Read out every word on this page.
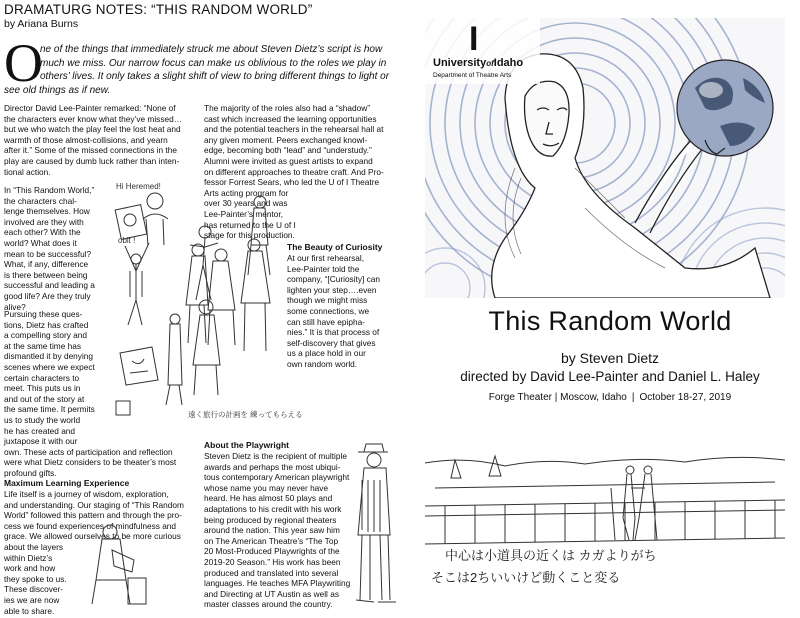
DRAMATURG NOTES: “THIS RANDOM WORLD”
by Ariana Burns
O
ne of the things that immediately struck me about Steven Dietz’s script is how
much we miss. Our narrow focus can make us oblivious to the roles we play in
others’ lives. It only takes a slight shift of view to bring different things to light or
see old things as if new.
Director David Lee-Painter remarked: “None of
the characters ever know what they’ve missed…
but we who watch the play feel the lost heat and
warmth of those almost-collisions, and yearn
after it.” Some of the missed connections in the
play are caused by dumb luck rather than inten-
tional action.
In “This Random World,”
the characters chal-
lenge themselves. How
involved are they with
each other? With the
world? What does it
mean to be successful?
What, if any, difference
is there between being
successful and leading a
good life? Are they truly
alive?
Pursuing these ques-
tions, Dietz has crafted
a compelling story and
at the same time has
dismantled it by denying
scenes where we expect
certain characters to
meet. This puts us in
and out of the story at
the same time. It permits
us to study the world
he has created and
juxtapose it with our
own. These acts of participation and reflection
were what Dietz considers to be theater’s most
profound gifts.
Maximum Learning Experience
Life itself is a journey of wisdom, exploration,
and understanding. Our staging of “This Random
World” followed this pattern and through the pro-
cess we found experiences of mindfulness and
grace. We allowed ourselves to be more curious
about the layers
within Dietz’s
work and how
they spoke to us.
These discover-
ies we are now
able to share.
The majority of the roles also had a “shadow”
cast which increased the learning opportunities
and the potential teachers in the rehearsal hall at
any given moment. Peers exchanged knowl-
edge, becoming both “lead” and “understudy.”
Alumni were invited as guest artists to expand
on different approaches to theatre craft. And Pro-
fessor Forrest Sears, who led the U of I Theatre
Arts acting program for
over 30 years and was
Lee-Painter’s mentor,
has returned to the U of I
stage for this production.
The Beauty of Curiosity
At our first rehearsal,
Lee-Painter told the
company, “[Curiosity] can
lighten your step….even
though we might miss
some connections, we
can still have epipha-
nies.” It is that process of
self-discovery that gives
us a place hold in our
own random world.
About the Playwright
Steven Dietz is the recipient of multiple
awards and perhaps the most ubiqui-
tous contemporary American playwright
whose name you may never have
heard. He has almost 50 plays and
adaptations to his credit with his work
being produced by regional theaters
around the nation. This year saw him
on The American Theatre’s “The Top
20 Most-Produced Playwrights of the
2019-20 Season.” His work has been
produced and translated into several
languages. He teaches MFA Playwriting
and Directing at UT Austin as well as
master classes around the country.
Hi Heremed!
obit !
遠く旅行の計画を 練ってもらえる
I
UniversityofIdaho
Department of Theatre Arts
This Random World
by Steven Dietz
directed by David Lee-Painter and Daniel L. Haley
Forge Theater | Moscow, Idaho | October 18-27, 2019
中心は小道具の近くは カガよりがち
そこは2ちいいけど動くこと変る
